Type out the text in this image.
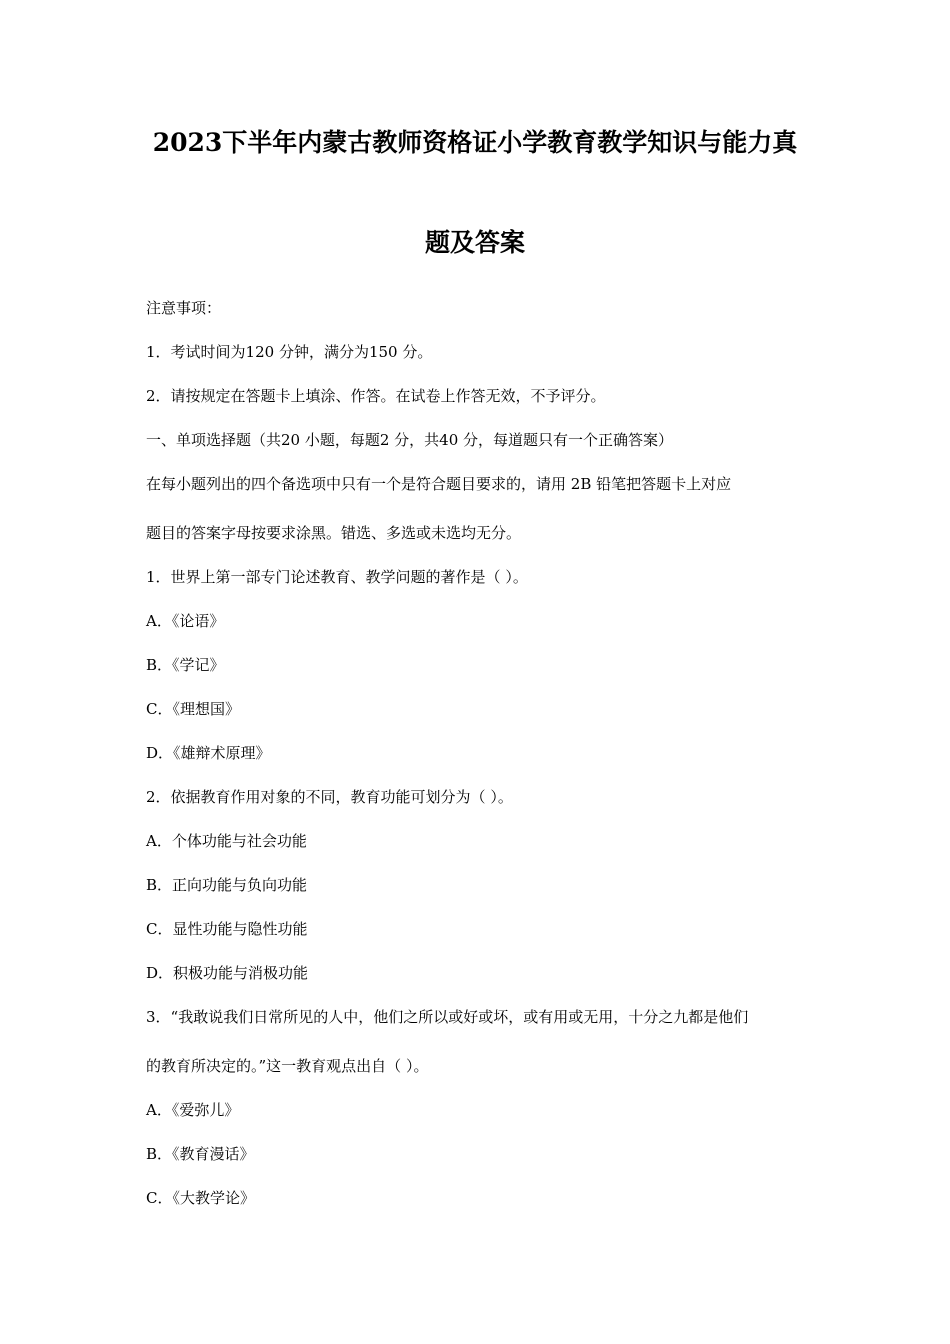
2023下半年内蒙古教师资格证小学教育教学知识与能力真
题及答案
注意事项：
1．考试时间为120 分钟，满分为150 分。
2．请按规定在答题卡上填涂、作答。在试卷上作答无效，不予评分。
一、单项选择题（共20 小题，每题2 分，共40 分，每道题只有一个正确答案）
在每小题列出的四个备选项中只有一个是符合题目要求的，请用 2B 铅笔把答题卡上对应
题目的答案字母按要求涂黑。错选、多选或未选均无分。
1．世界上第一部专门论述教育、教学问题的著作是（ ）。
A．《论语》
B．《学记》
C．《理想国》
D．《雄辩术原理》
2．依据教育作用对象的不同，教育功能可划分为（ ）。
A．个体功能与社会功能
B．正向功能与负向功能
C．显性功能与隐性功能
D．积极功能与消极功能
3．“我敢说我们日常所见的人中，他们之所以或好或坏，或有用或无用，十分之九都是他们
的教育所决定的。”这一教育观点出自（ ）。
A．《爱弥儿》
B．《教育漫话》
C．《大教学论》
